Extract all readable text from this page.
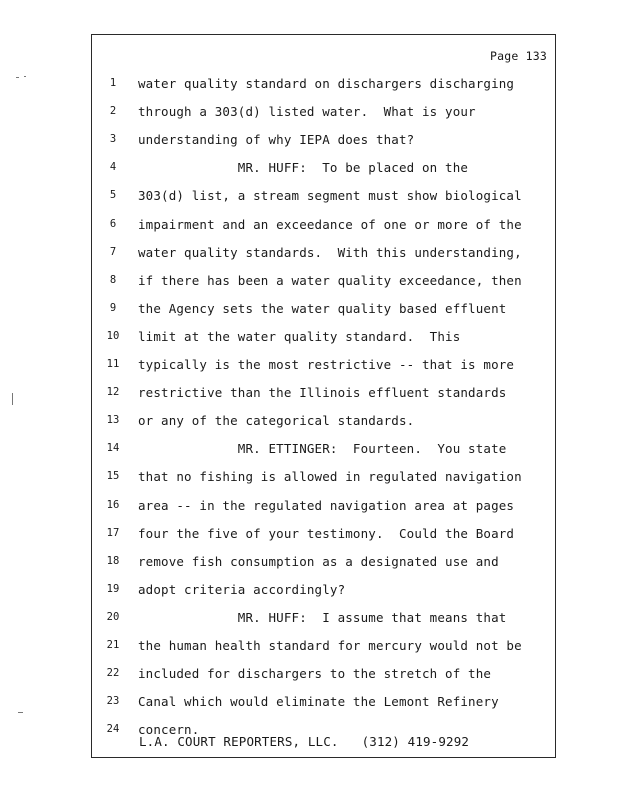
Page 133
1	water quality standard on dischargers discharging
2	through a 303(d) listed water.  What is your
3	understanding of why IEPA does that?
4	MR. HUFF:  To be placed on the
5	303(d) list, a stream segment must show biological
6	impairment and an exceedance of one or more of the
7	water quality standards.  With this understanding,
8	if there has been a water quality exceedance, then
9	the Agency sets the water quality based effluent
10 limit at the water quality standard.  This
11 typically is the most restrictive -- that is more
12 restrictive than the Illinois effluent standards
13 or any of the categorical standards.
14 MR. ETTINGER:  Fourteen.  You state
15 that no fishing is allowed in regulated navigation
16 area -- in the regulated navigation area at pages
17 four the five of your testimony.  Could the Board
18 remove fish consumption as a designated use and
19 adopt criteria accordingly?
20 MR. HUFF:  I assume that means that
21 the human health standard for mercury would not be
22 included for dischargers to the stretch of the
23 Canal which would eliminate the Lemont Refinery
24 concern.
L.A. COURT REPORTERS, LLC.   (312) 419-9292
